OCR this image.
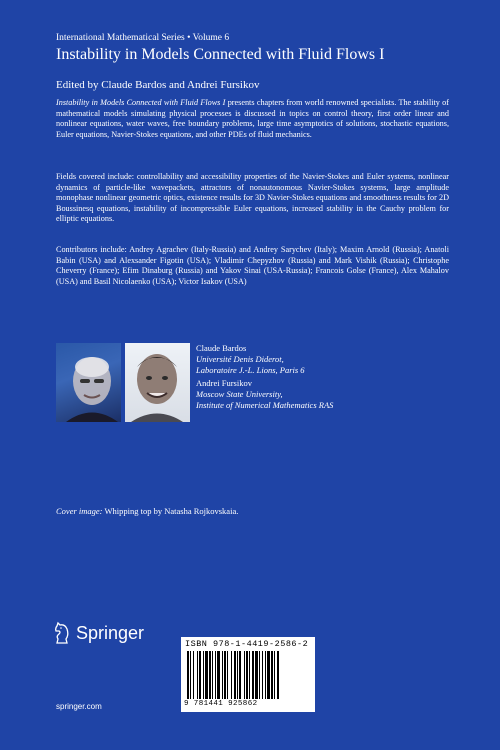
International Mathematical Series • Volume 6
Instability in Models Connected with Fluid Flows I
Edited by Claude Bardos and Andrei Fursikov

Instability in Models Connected with Fluid Flows I presents chapters from world renowned specialists. The stability of mathematical models simulating physical processes is discussed in topics on control theory, first order linear and nonlinear equations, water waves, free boundary problems, large time asymptotics of solutions, stochastic equations, Euler equations, Navier-Stokes equations, and other PDEs of fluid mechanics.

Fields covered include: controllability and accessibility properties of the Navier-Stokes and Euler systems, nonlinear dynamics of particle-like wavepackets, attractors of nonautonomous Navier-Stokes systems, large amplitude monophase nonlinear geometric optics, existence results for 3D Navier-Stokes equations and smoothness results for 2D Boussinesq equations, instability of incompressible Euler equations, increased stability in the Cauchy problem for elliptic equations.

Contributors include: Andrey Agrachev (Italy-Russia) and Andrey Sarychev (Italy); Maxim Arnold (Russia); Anatoli Babin (USA) and Alexsander Figotin (USA); Vladimir Chepyzhov (Russia) and Mark Vishik (Russia); Christophe Cheverry (France); Efim Dinaburg (Russia) and Yakov Sinai (USA-Russia); Francois Golse (France), Alex Mahalov (USA) and Basil Nicolaenko (USA); Victor Isakov (USA)

Claude Bardos
Université Denis Diderot,
Laboratoire J.-L. Lions, Paris 6
Andrei Fursikov
Moscow State University,
Institute of Numerical Mathematics RAS
Cover image: Whipping top by Natasha Rojkovskaia.
Springer
springer.com
ISBN 978-1-4419-2586-2
9 781441 925862
